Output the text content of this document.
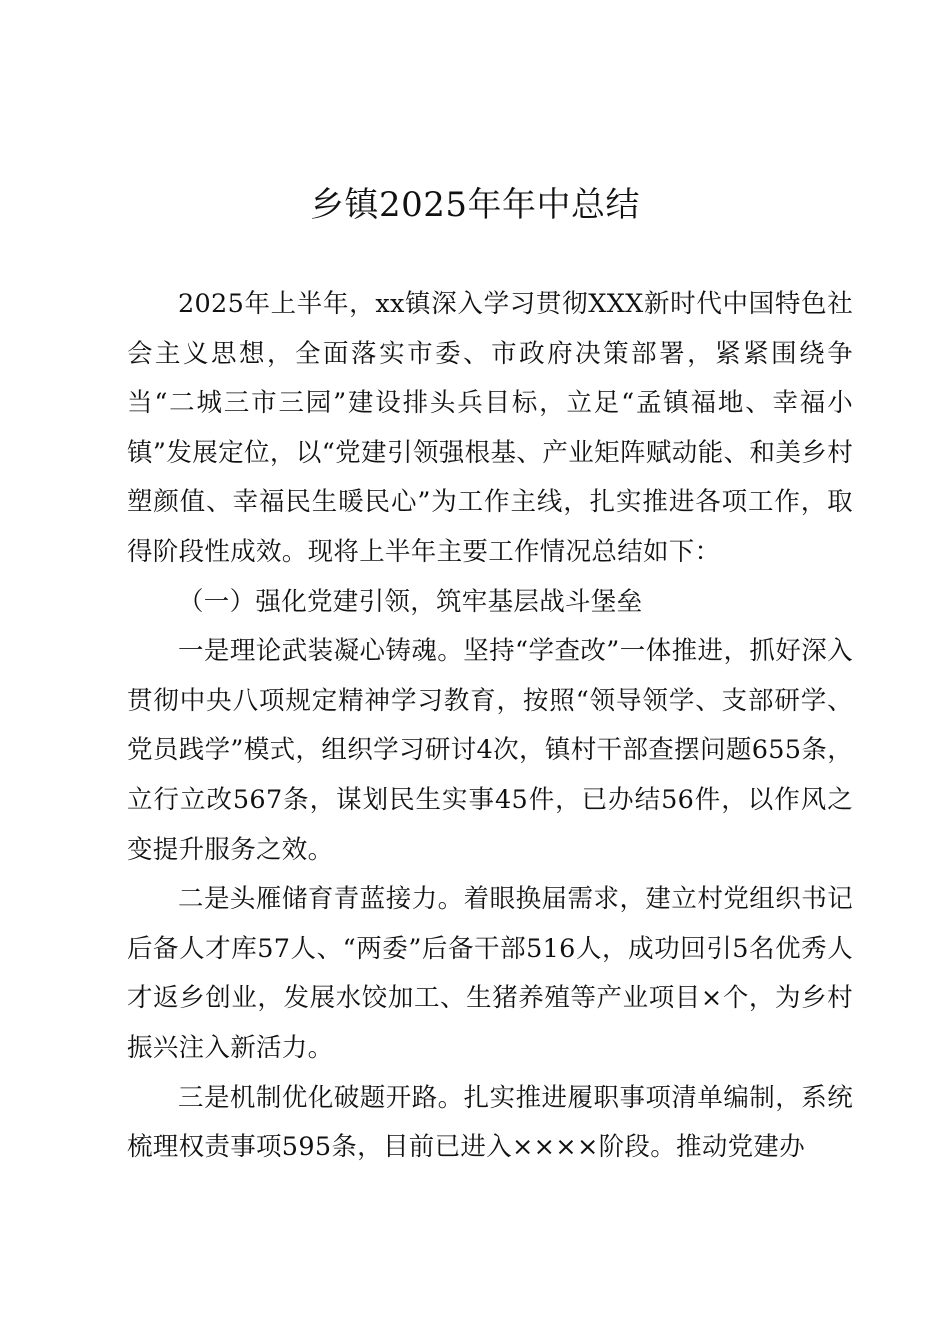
乡镇2025年年中总结

2025年上半年，xx镇深入学习贯彻XXX新时代中国特色社会主义思想，全面落实市委、市政府决策部署，紧紧围绕争当“二城三市三园”建设排头兵目标，立足“孟镇福地、幸福小镇”发展定位，以“党建引领强根基、产业矩阵赋动能、和美乡村塑颜值、幸福民生暖民心”为工作主线，扎实推进各项工作，取得阶段性成效。现将上半年主要工作情况总结如下：

（一）强化党建引领，筑牢基层战斗堡垒

一是理论武装凝心铸魂。坚持“学查改”一体推进，抓好深入贯彻中央八项规定精神学习教育，按照“领导领学、支部研学、党员践学”模式，组织学习研讨4次，镇村干部查摆问题655条，立行立改567条，谋划民生实事45件，已办结56件，以作风之变提升服务之效。

二是头雁储育青蓝接力。着眼换届需求，建立村党组织书记后备人才库57人、“两委”后备干部516人，成功回引5名优秀人才返乡创业，发展水饺加工、生猪养殖等产业项目×个，为乡村振兴注入新活力。

三是机制优化破题开路。扎实推进履职事项清单编制，系统梳理权责事项595条，目前已进入××××阶段。推动党建办
